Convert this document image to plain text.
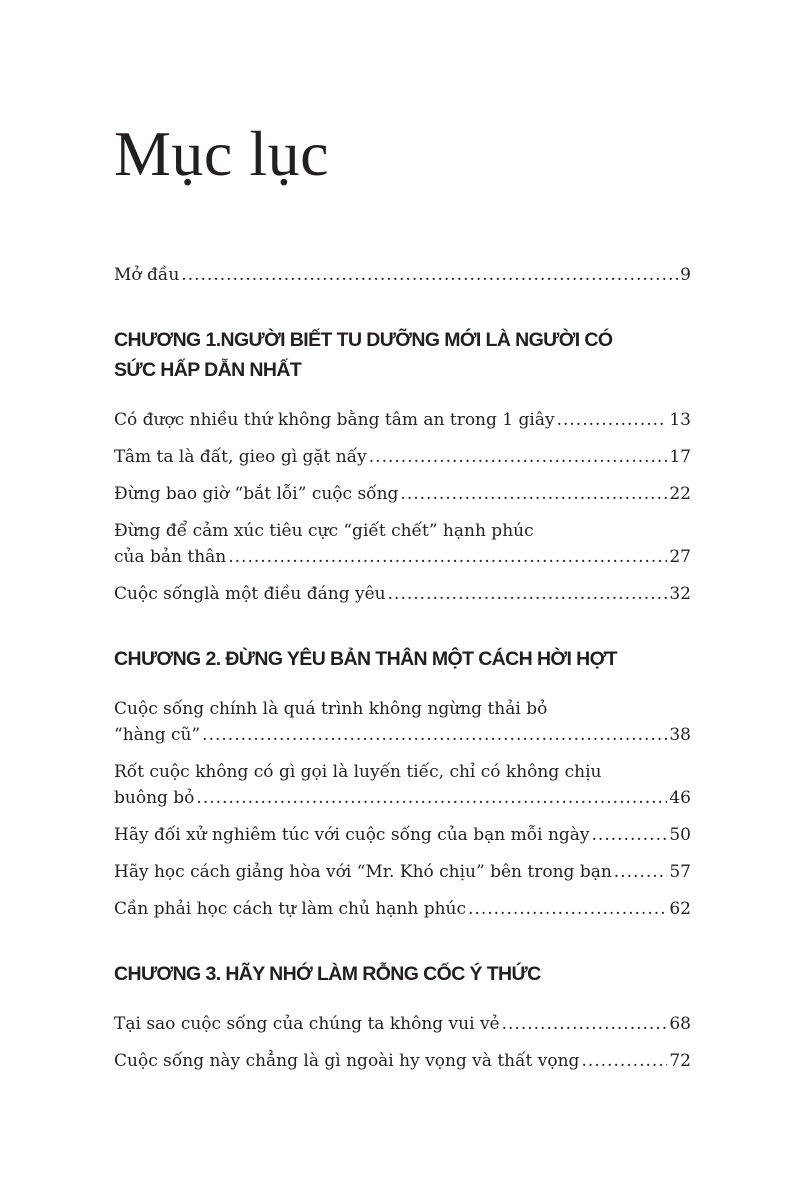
Mục lục
Mở đầu .....	9

CHƯƠNG 1.NGƯỜI BIẾT TU DƯỠNG MỚI LÀ NGƯỜI CÓ
SỨC HẤP DẪN NHẤT

Có được nhiều thứ không bằng tâm an trong 1 giây .....	13
Tâm ta là đất, gieo gì gặt nấy .....	17
Đừng bao giờ “bắt lỗi” cuộc sống .....	22
Đừng để cảm xúc tiêu cực “giết chết” hạnh phúc
của bản thân .....	27
Cuộc sốnglà một điều đáng yêu .....	32

CHƯƠNG 2. ĐỪNG YÊU BẢN THÂN MỘT CÁCH HỜI HỢT

Cuộc sống chính là quá trình không ngừng thải bỏ
“hàng cũ” .....	38
Rốt cuộc không có gì gọi là luyến tiếc, chỉ có không chịu
buông bỏ .....	46
Hãy đối xử nghiêm túc với cuộc sống của bạn mỗi ngày .....	50
Hãy học cách giảng hòa với “Mr. Khó chịu” bên trong bạn .....	57
Cần phải học cách tự làm chủ hạnh phúc .....	62

CHƯƠNG 3. HÃY NHỚ LÀM RỖNG CỐC Ý THỨC

Tại sao cuộc sống của chúng ta không vui vẻ .....	68
Cuộc sống này chẳng là gì ngoài hy vọng và thất vọng .....	72
